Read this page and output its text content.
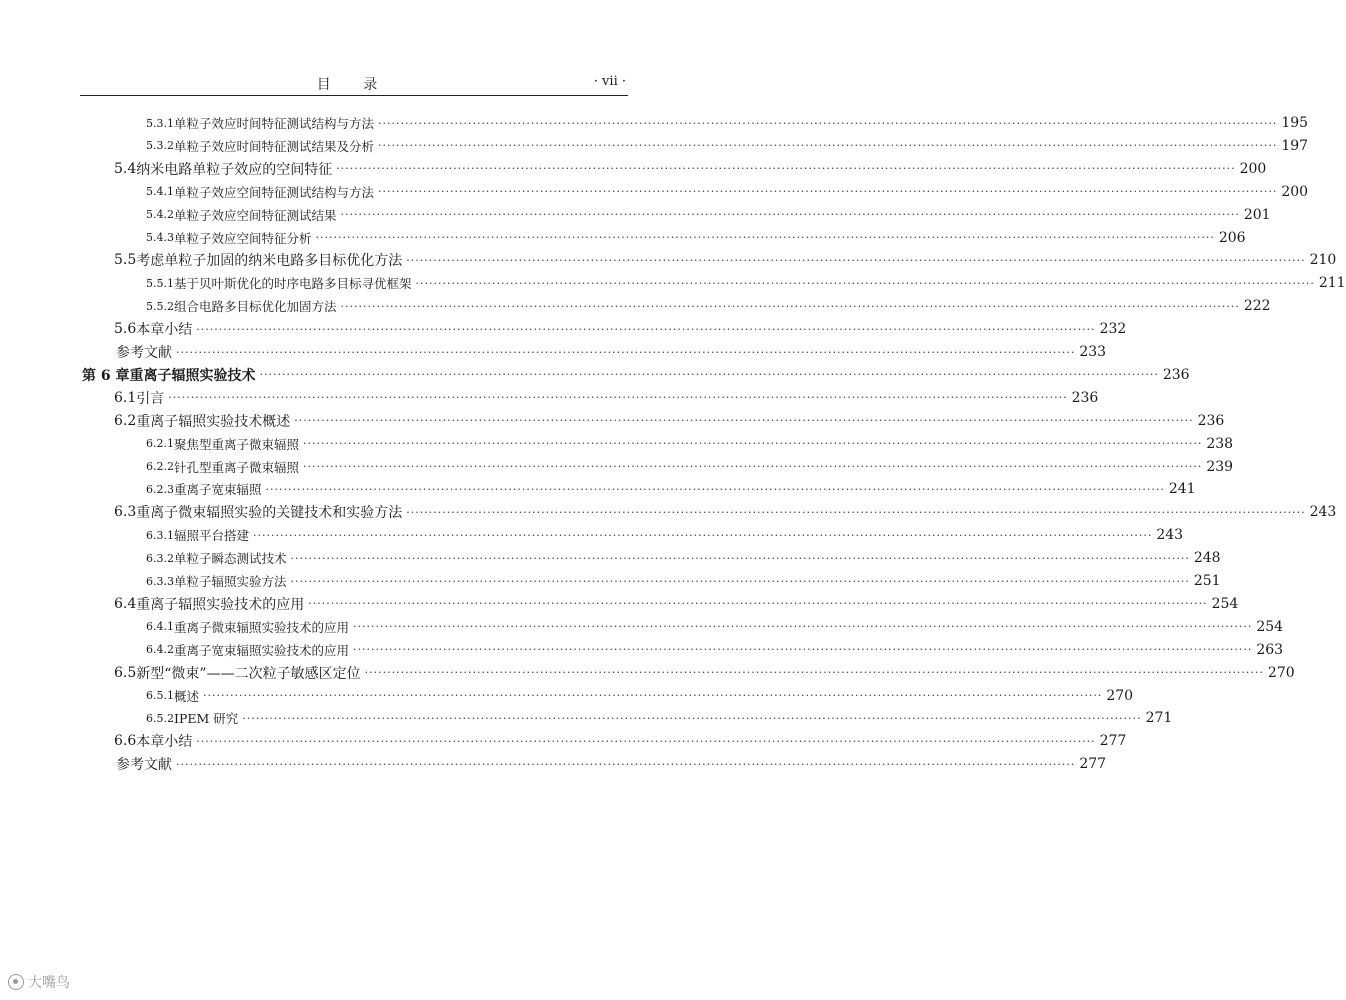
目 录	· vii ·
5.3.1 单粒子效应时间特征测试结构与方法 ········································································································································································································ 195
5.3.2 单粒子效应时间特征测试结果及分析 ········································································································································································································ 197
5.4 纳米电路单粒子效应的空间特征 ········································································································································································································ 200
5.4.1 单粒子效应空间特征测试结构与方法 ········································································································································································································ 200
5.4.2 单粒子效应空间特征测试结果 ········································································································································································································ 201
5.4.3 单粒子效应空间特征分析 ········································································································································································································ 206
5.5 考虑单粒子加固的纳米电路多目标优化方法 ········································································································································································································ 210
5.5.1 基于贝叶斯优化的时序电路多目标寻优框架 ········································································································································································································ 211
5.5.2 组合电路多目标优化加固方法 ········································································································································································································ 222
5.6 本章小结 ········································································································································································································ 232
参考文献 ········································································································································································································ 233
第 6 章 重离子辐照实验技术 ········································································································································································································ 236
6.1 引言 ········································································································································································································ 236
6.2 重离子辐照实验技术概述 ········································································································································································································ 236
6.2.1 聚焦型重离子微束辐照 ········································································································································································································ 238
6.2.2 针孔型重离子微束辐照 ········································································································································································································ 239
6.2.3 重离子宽束辐照 ········································································································································································································ 241
6.3 重离子微束辐照实验的关键技术和实验方法 ········································································································································································································ 243
6.3.1 辐照平台搭建 ········································································································································································································ 243
6.3.2 单粒子瞬态测试技术 ········································································································································································································ 248
6.3.3 单粒子辐照实验方法 ········································································································································································································ 251
6.4 重离子辐照实验技术的应用 ········································································································································································································ 254
6.4.1 重离子微束辐照实验技术的应用 ········································································································································································································ 254
6.4.2 重离子宽束辐照实验技术的应用 ········································································································································································································ 263
6.5 新型“微束”——二次粒子敏感区定位 ········································································································································································································ 270
6.5.1 概述 ········································································································································································································ 270
6.5.2 IPEM 研究 ········································································································································································································ 271
6.6 本章小结 ········································································································································································································ 277
参考文献 ········································································································································································································ 277
大嘴鸟
